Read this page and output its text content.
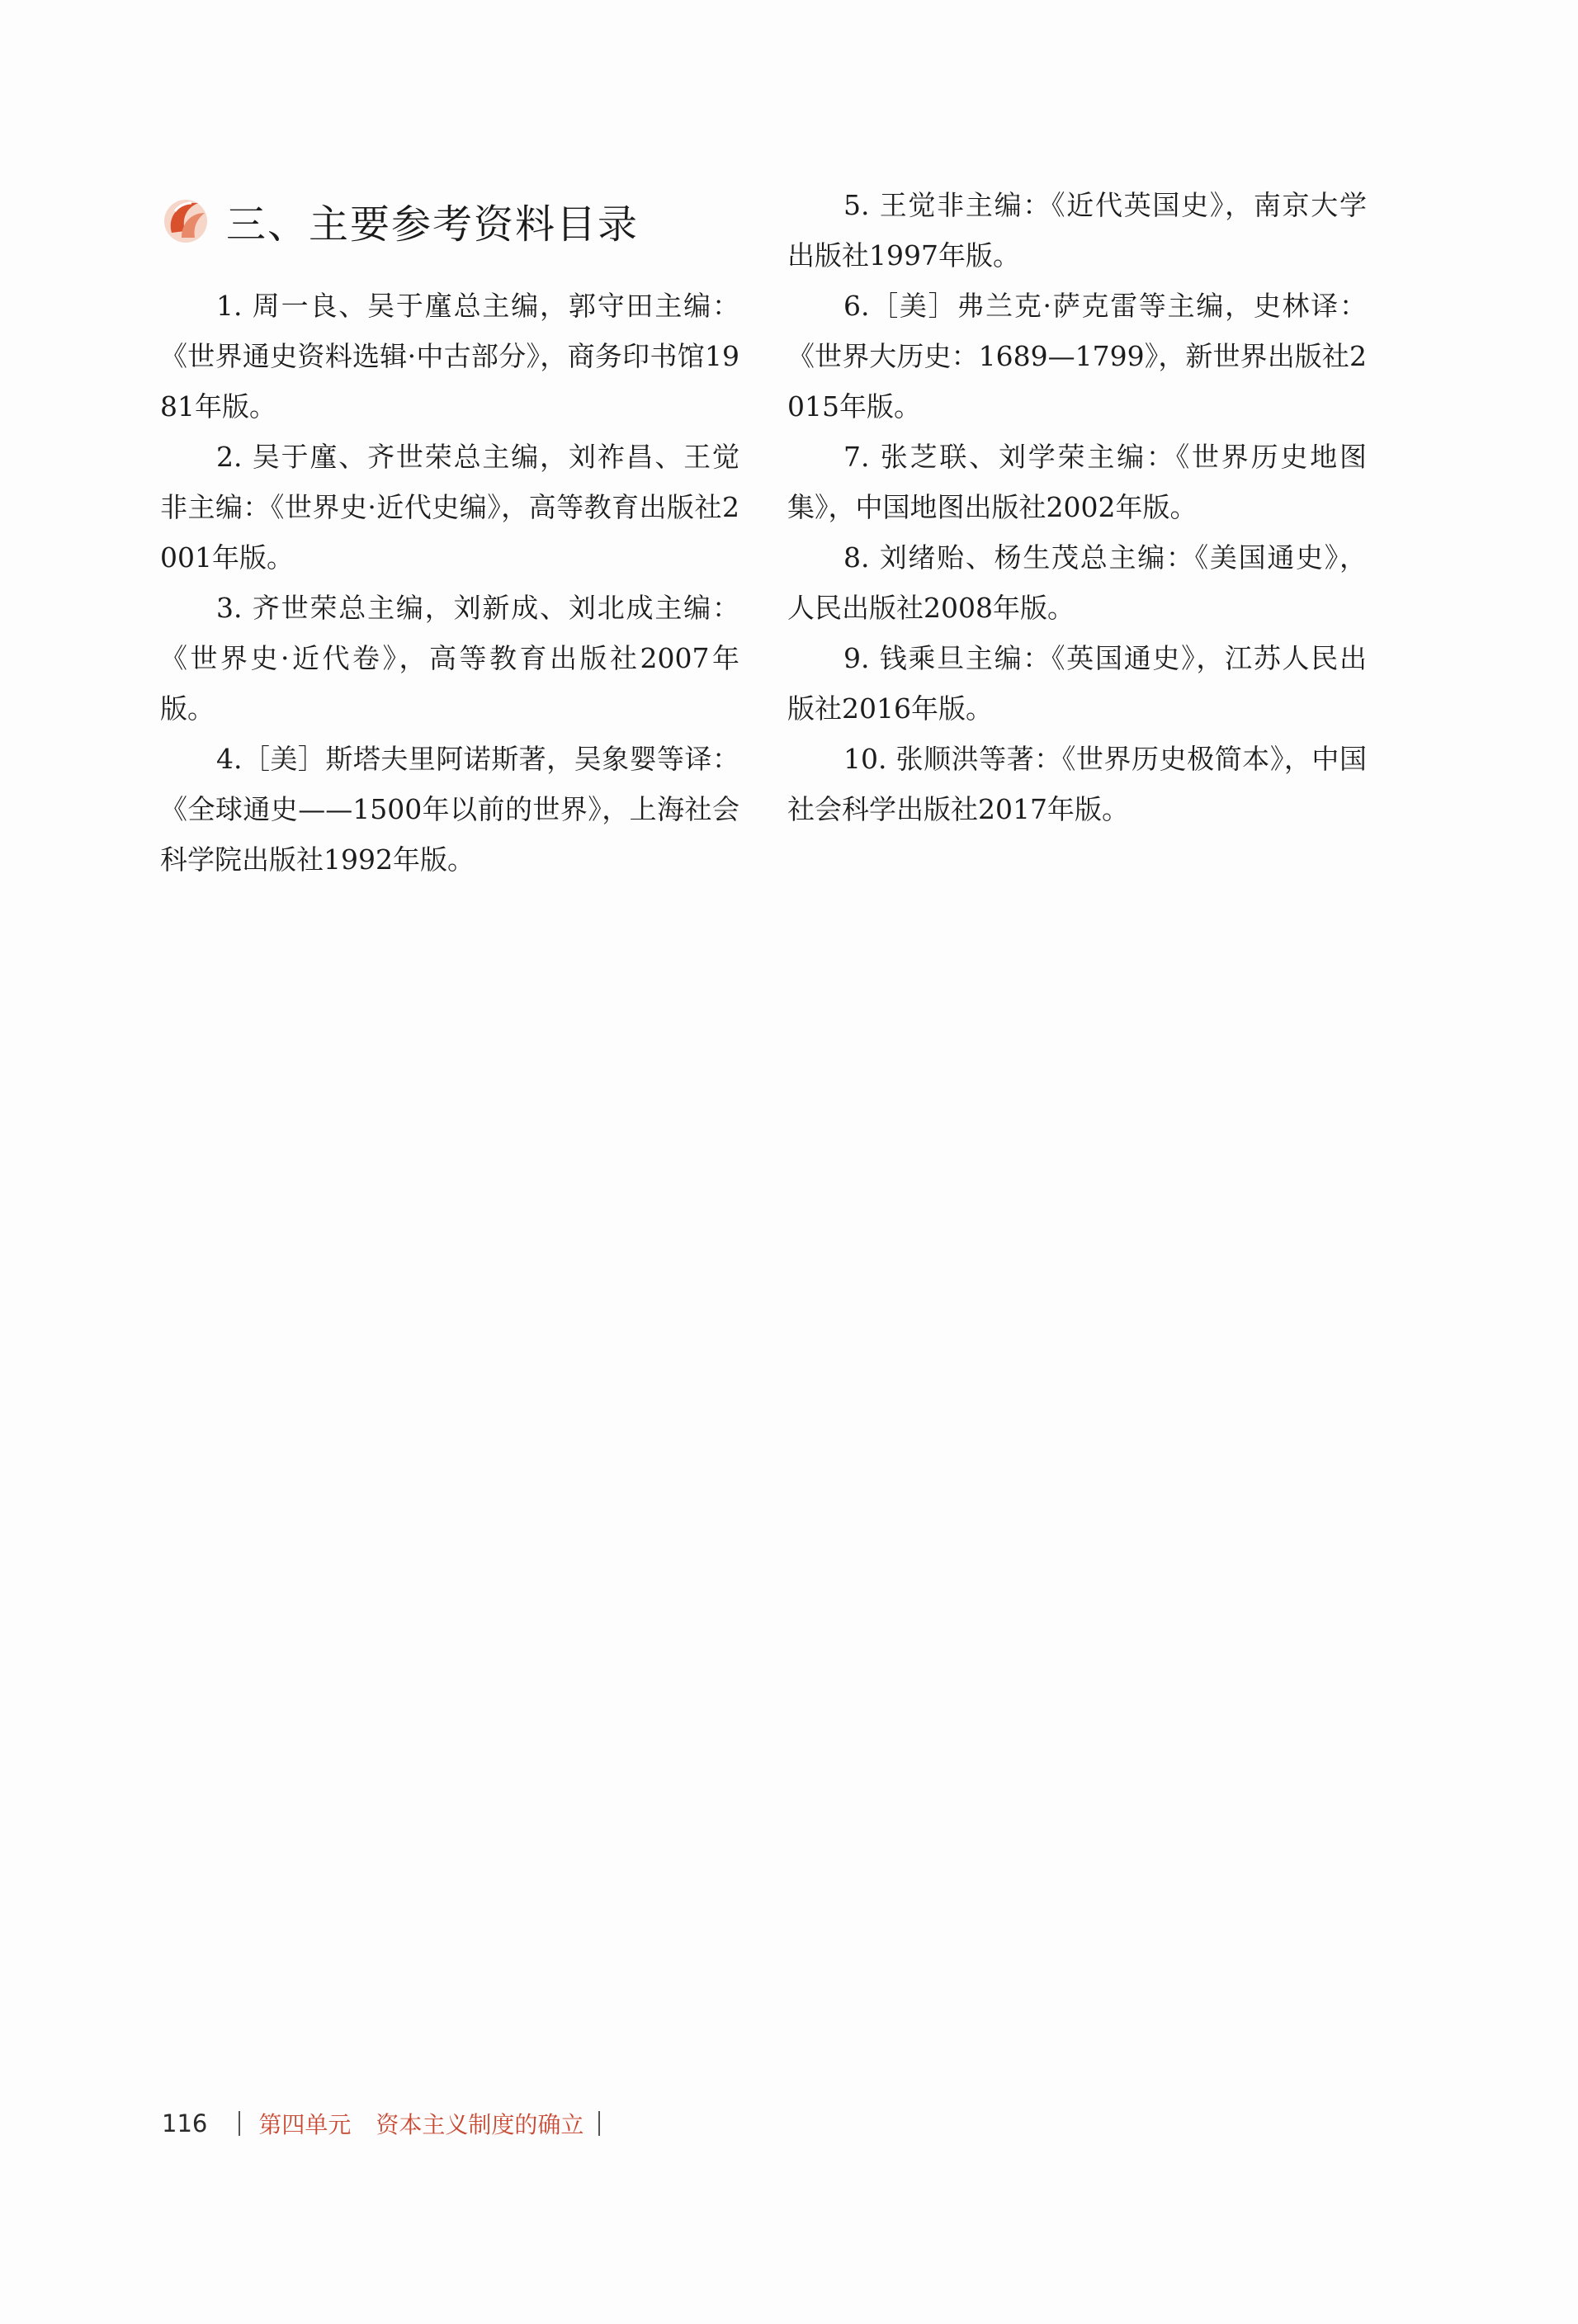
三、主要参考资料目录

1. 周一良、吴于廑总主编，郭守田主编：《世界通史资料选辑·中古部分》，商务印书馆1981年版。

2. 吴于廑、齐世荣总主编，刘祚昌、王觉非主编：《世界史·近代史编》，高等教育出版社2001年版。

3. 齐世荣总主编，刘新成、刘北成主编：《世界史·近代卷》，高等教育出版社2007年版。

4.［美］斯塔夫里阿诺斯著，吴象婴等译：《全球通史——1500年以前的世界》，上海社会科学院出版社1992年版。

5. 王觉非主编：《近代英国史》，南京大学出版社1997年版。

6.［美］弗兰克·萨克雷等主编，史林译：《世界大历史：1689—1799》，新世界出版社2015年版。

7. 张芝联、刘学荣主编：《世界历史地图集》，中国地图出版社2002年版。

8. 刘绪贻、杨生茂总主编：《美国通史》，人民出版社2008年版。

9. 钱乘旦主编：《英国通史》，江苏人民出版社2016年版。

10. 张顺洪等著：《世界历史极简本》，中国社会科学出版社2017年版。

116 第四单元 资本主义制度的确立
